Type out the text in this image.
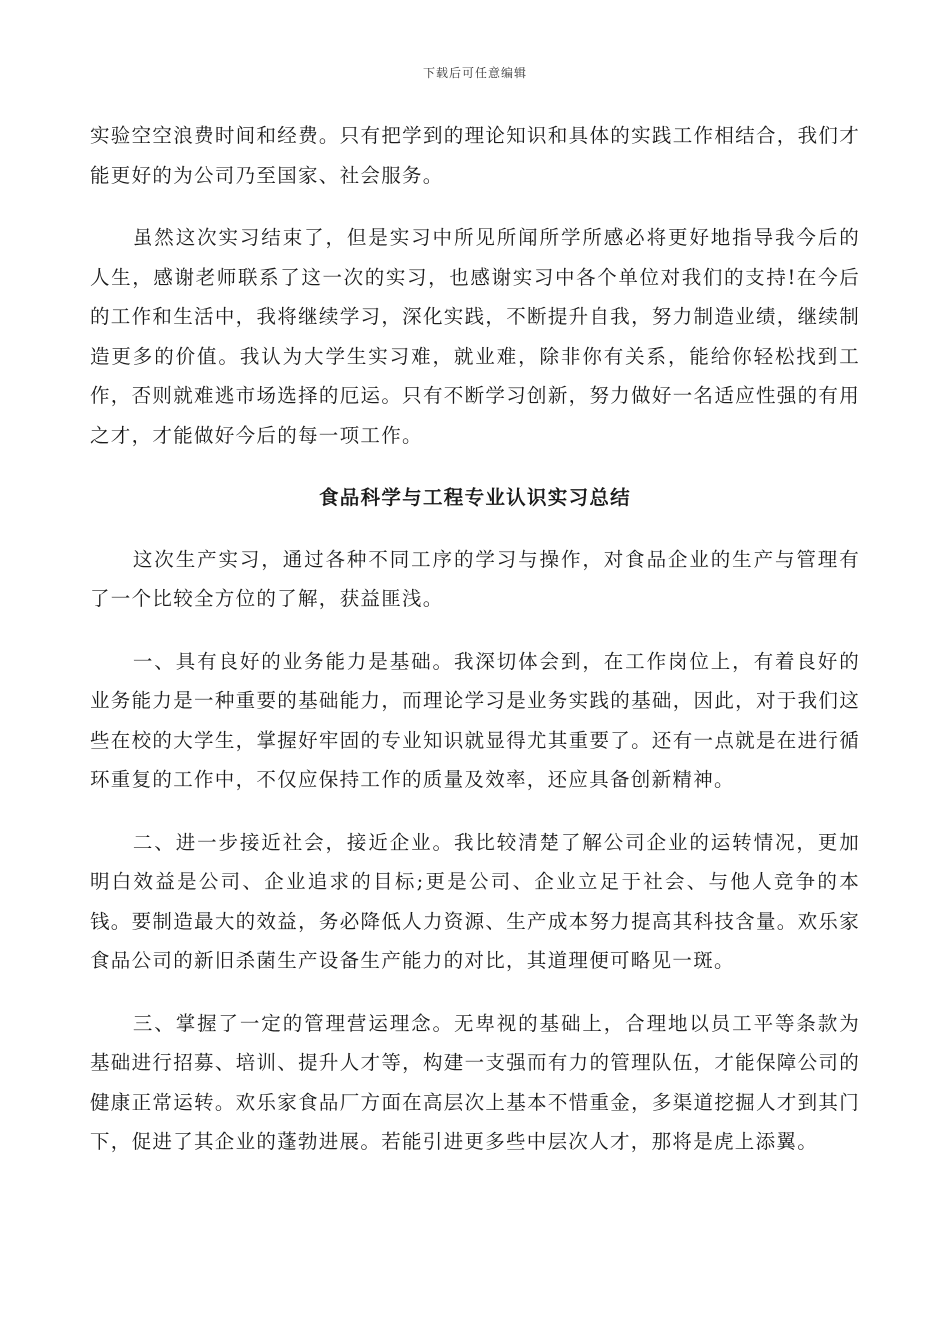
下载后可任意编辑

实验空空浪费时间和经费。只有把学到的理论知识和具体的实践工作相结合，我们才能更好的为公司乃至国家、社会服务。

虽然这次实习结束了，但是实习中所见所闻所学所感必将更好地指导我今后的人生，感谢老师联系了这一次的实习，也感谢实习中各个单位对我们的支持!在今后的工作和生活中，我将继续学习，深化实践，不断提升自我，努力制造业绩，继续制造更多的价值。我认为大学生实习难，就业难，除非你有关系，能给你轻松找到工作，否则就难逃市场选择的厄运。只有不断学习创新，努力做好一名适应性强的有用之才，才能做好今后的每一项工作。

食品科学与工程专业认识实习总结

这次生产实习，通过各种不同工序的学习与操作，对食品企业的生产与管理有了一个比较全方位的了解，获益匪浅。

一、具有良好的业务能力是基础。我深切体会到，在工作岗位上，有着良好的业务能力是一种重要的基础能力，而理论学习是业务实践的基础，因此，对于我们这些在校的大学生，掌握好牢固的专业知识就显得尤其重要了。还有一点就是在进行循环重复的工作中，不仅应保持工作的质量及效率，还应具备创新精神。

二、进一步接近社会，接近企业。我比较清楚了解公司企业的运转情况，更加明白效益是公司、企业追求的目标;更是公司、企业立足于社会、与他人竞争的本钱。要制造最大的效益，务必降低人力资源、生产成本努力提高其科技含量。欢乐家食品公司的新旧杀菌生产设备生产能力的对比，其道理便可略见一斑。

三、掌握了一定的管理营运理念。无卑视的基础上，合理地以员工平等条款为基础进行招募、培训、提升人才等，构建一支强而有力的管理队伍，才能保障公司的健康正常运转。欢乐家食品厂方面在高层次上基本不惜重金，多渠道挖掘人才到其门下，促进了其企业的蓬勃进展。若能引进更多些中层次人才，那将是虎上添翼。
